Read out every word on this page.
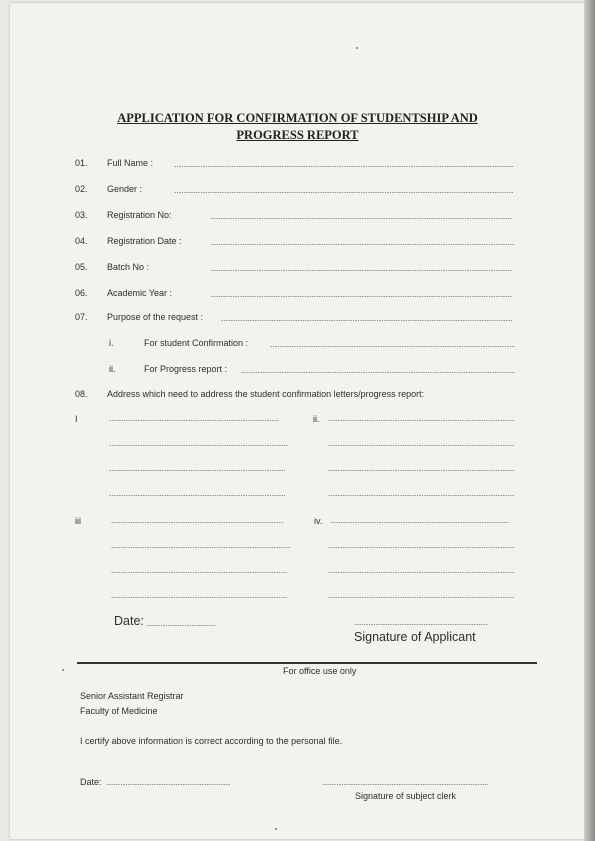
APPLICATION FOR CONFIRMATION OF STUDENTSHIP AND
PROGRESS REPORT
01. Full Name :
02. Gender :
03. Registration No:
04. Registration Date :
05. Batch No :
06. Academic Year :
07. Purpose of the request :
i.	For student Confirmation :
ii.	For Progress report :
08. Address which need to address the student confirmation letters/progress report:
I	ii.
iii	iv.
Date:
Signature of Applicant
For office use only
Senior Assistant Registrar
Faculty of Medicine
I certify above information is correct according to the personal file.
Date:
Signature of subject clerk
